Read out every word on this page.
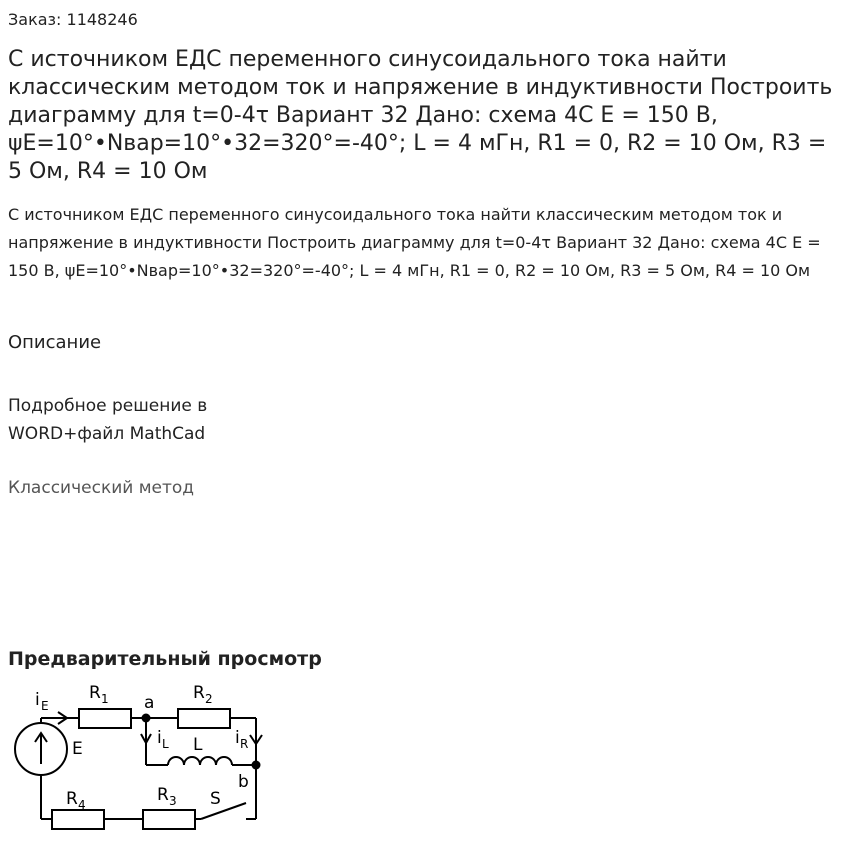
Заказ: 1148246
С источником ЕДС переменного синусоидального тока найти классическим методом ток и напряжение в индуктивности Построить диаграмму для t=0-4τ Вариант 32 Дано: схема 4С Е = 150 В, ψЕ=10°•Nвар=10°•32=320°=-40°; L = 4 мГн, R1 = 0, R2 = 10 Ом, R3 = 5 Ом, R4 = 10 Ом
С источником ЕДС переменного синусоидального тока найти классическим методом ток и напряжение в индуктивности Построить диаграмму для t=0-4τ Вариант 32 Дано: схема 4С Е = 150 В, ψЕ=10°•Nвар=10°•32=320°=-40°; L = 4 мГн, R1 = 0, R2 = 10 Ом, R3 = 5 Ом, R4 = 10 Ом
Описание
Подробное решение в WORD+файл MathCad
Классический метод
Предварительный просмотр
i E
R 1 a R 2
i L L i R
E
b
R 4	R 3 S
